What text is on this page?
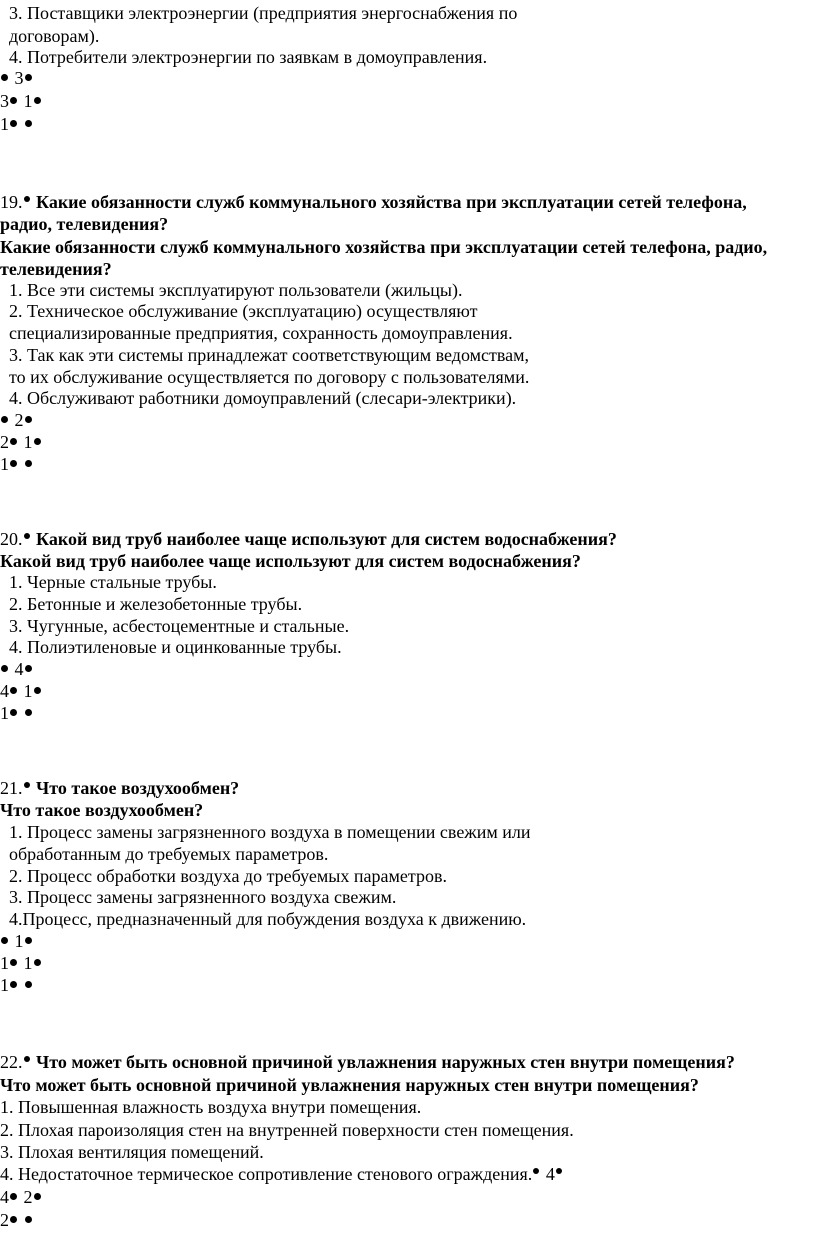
3. Поставщики электроэнергии (предприятия энергоснабжения по
договорам).
4. Потребители электроэнергии по заявкам в домоуправления.
3
3 1
1
19. Какие обязанности служб коммунального хозяйства при эксплуатации сетей телефона,
радио, телевидения?
Какие обязанности служб коммунального хозяйства при эксплуатации сетей телефона, радио,
телевидения?
1. Все эти системы эксплуатируют пользователи (жильцы).
2. Техническое обслуживание (эксплуатацию) осуществляют
специализированные предприятия, сохранность домоуправления.
3. Так как эти системы принадлежат соответствующим ведомствам,
то их обслуживание осуществляется по договору с пользователями.
4. Обслуживают работники домоуправлений (слесари-электрики).
2
2 1
1
20. Какой вид труб наиболее чаще используют для систем водоснабжения?
Какой вид труб наиболее чаще используют для систем водоснабжения?
1. Черные стальные трубы.
2. Бетонные и железобетонные трубы.
3. Чугунные, асбестоцементные и стальные.
4. Полиэтиленовые и оцинкованные трубы.
4
4 1
1
21. Что такое воздухообмен?
Что такое воздухообмен?
1. Процесс замены загрязненного воздуха в помещении свежим или
обработанным до требуемых параметров.
2. Процесс обработки воздуха до требуемых параметров.
3. Процесс замены загрязненного воздуха свежим.
4.Процесс, предназначенный для побуждения воздуха к движению.
1
1 1
1
22. Что может быть основной причиной увлажнения наружных стен внутри помещения?
Что может быть основной причиной увлажнения наружных стен внутри помещения?
1. Повышенная влажность воздуха внутри помещения.
2. Плохая пароизоляция стен на внутренней поверхности стен помещения.
3. Плохая вентиляция помещений.
4. Недостаточное термическое сопротивление стенового ограждения. 4
4 2
2
